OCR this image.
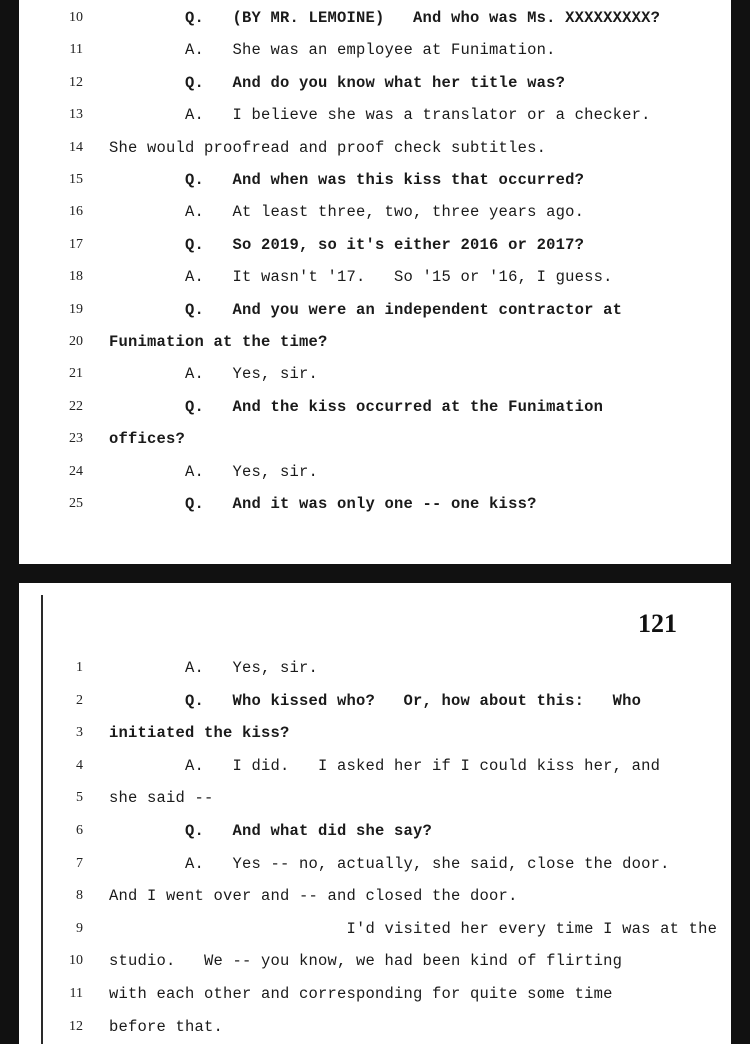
10 Q.   (BY MR. LEMOINE)   And who was Ms. XXXXXXXXX?
11 A.   She was an employee at Funimation.
12 Q.   And do you know what her title was?
13 A.   I believe she was a translator or a checker.
14 She would proofread and proof check subtitles.
15 Q.   And when was this kiss that occurred?
16 A.   At least three, two, three years ago.
17 Q.   So 2019, so it's either 2016 or 2017?
18 A.   It wasn't '17.   So '15 or '16, I guess.
19 Q.   And you were an independent contractor at
20 Funimation at the time?
21 A.   Yes, sir.
22 Q.   And the kiss occurred at the Funimation
23 offices?
24 A.   Yes, sir.
25 Q.   And it was only one -- one kiss?
121
1 A.   Yes, sir.
2 Q.   Who kissed who?   Or, how about this:   Who
3 initiated the kiss?
4 A.   I did.   I asked her if I could kiss her, and
5 she said --
6 Q.   And what did she say?
7 A.   Yes -- no, actually, she said, close the door.
8 And I went over and -- and closed the door.
9 I'd visited her every time I was at the
10 studio.   We -- you know, we had been kind of flirting
11 with each other and corresponding for quite some time
12 before that.
